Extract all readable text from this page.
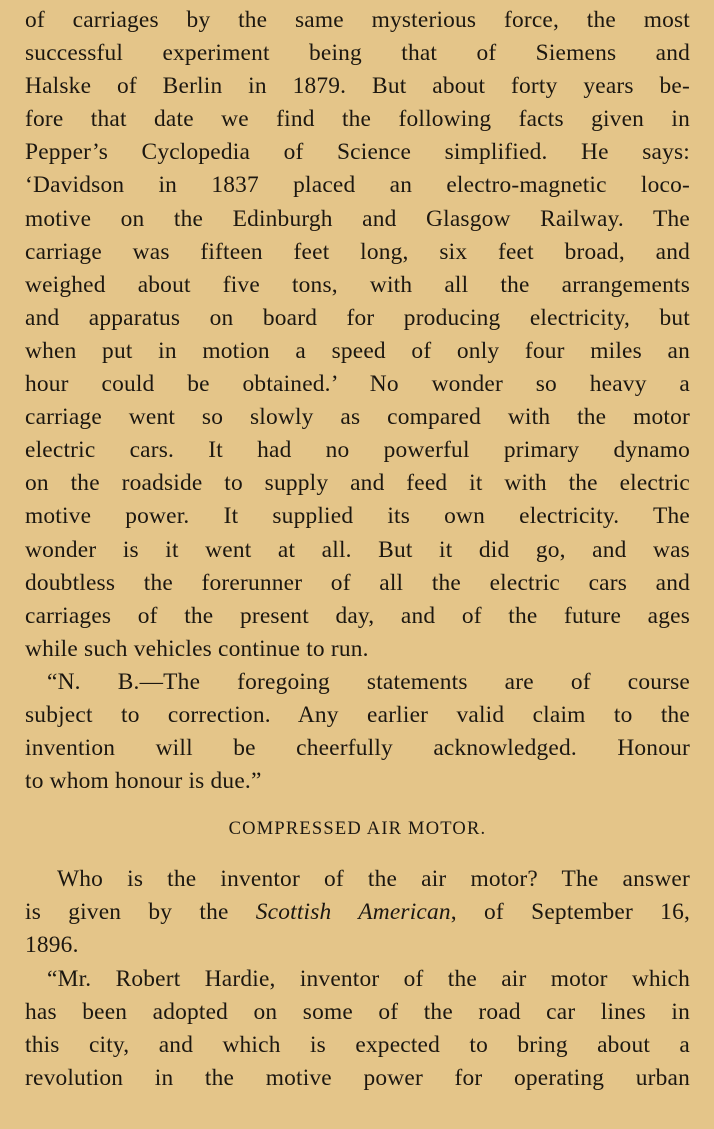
of carriages by the same mysterious force, the most
successful experiment being that of Siemens and
Halske of Berlin in 1879. But about forty years be-
fore that date we find the following facts given in
Pepper’s Cyclopedia of Science simplified. He says:
‘Davidson in 1837 placed an electro-magnetic loco-
motive on the Edinburgh and Glasgow Railway. The
carriage was fifteen feet long, six feet broad, and
weighed about five tons, with all the arrangements
and apparatus on board for producing electricity, but
when put in motion a speed of only four miles an
hour could be obtained.’ No wonder so heavy a
carriage went so slowly as compared with the motor
electric cars. It had no powerful primary dynamo
on the roadside to supply and feed it with the electric
motive power. It supplied its own electricity. The
wonder is it went at all. But it did go, and was
doubtless the forerunner of all the electric cars and
carriages of the present day, and of the future ages
while such vehicles continue to run.

“N. B.—The foregoing statements are of course
subject to correction. Any earlier valid claim to the
invention will be cheerfully acknowledged. Honour
to whom honour is due.”

COMPRESSED AIR MOTOR.

Who is the inventor of the air motor? The answer
is given by the Scottish American, of September 16,
1896.

“Mr. Robert Hardie, inventor of the air motor which
has been adopted on some of the road car lines in
this city, and which is expected to bring about a
revolution in the motive power for operating urban
